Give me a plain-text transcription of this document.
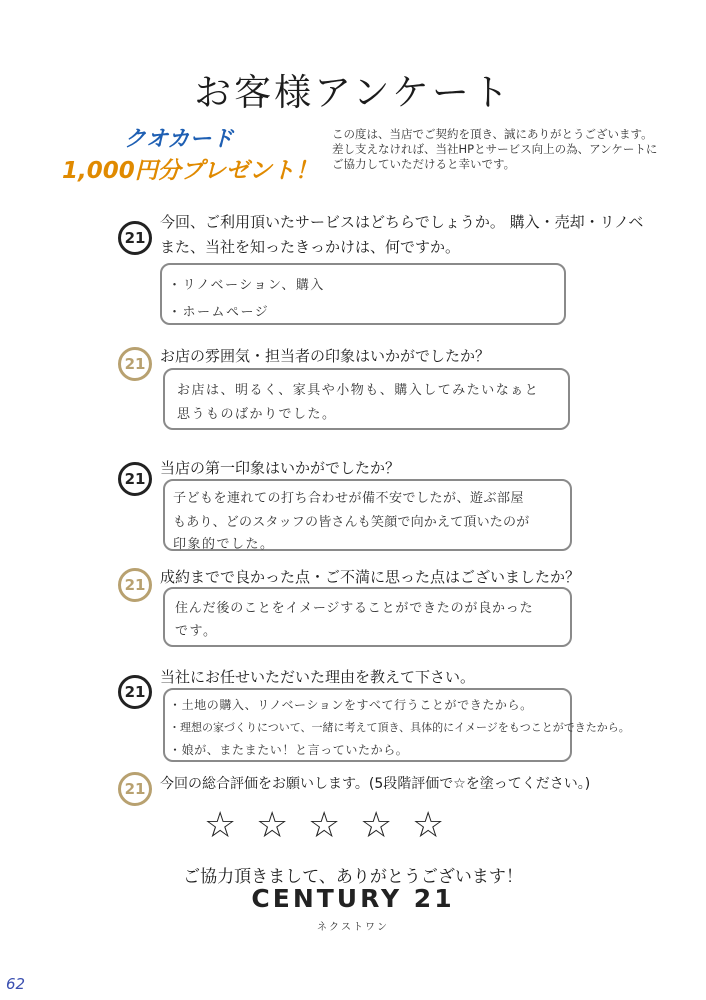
お客様アンケート
クオカード
1,000円分プレゼント！
この度は、当店でご契約を頂き、誠にありがとうございます。
差し支えなければ、当社HPとサービス向上の為、アンケートに
ご協力していただけると幸いです。
21
今回、ご利用頂いたサービスはどちらでしょうか。 購入・売却・リノベ
また、当社を知ったきっかけは、何ですか。
・リノベーション、購入
・ホームページ
21 お店の雰囲気・担当者の印象はいかがでしたか？
お店は、明るく、家具や小物も、購入してみたいなぁと
思うものばかりでした。
21
当店の第一印象はいかがでしたか？
子どもを連れての打ち合わせが備不安でしたが、遊ぶ部屋
もあり、どのスタッフの皆さんも笑顔で向かえて頂いたのが
印象的でした。
21 成約までで良かった点・ご不満に思った点はございましたか？
住んだ後のことをイメージすることができたのが良かった
です。
21
当社にお任せいただいた理由を教えて下さい。
・土地の購入、リノベーションをすべて行うことができたから。
・理想の家づくりについて、一緒に考えて頂き、具体的にイメージをもつことができたから。
・娘が、またまたい！と言っていたから。
21	今回の総合評価をお願いします。(5段階評価で☆を塗ってください。)
☆ ☆ ☆ ☆ ☆
ご協力頂きまして、ありがとうございます！
CENTURY 21
ネクストワン
62
